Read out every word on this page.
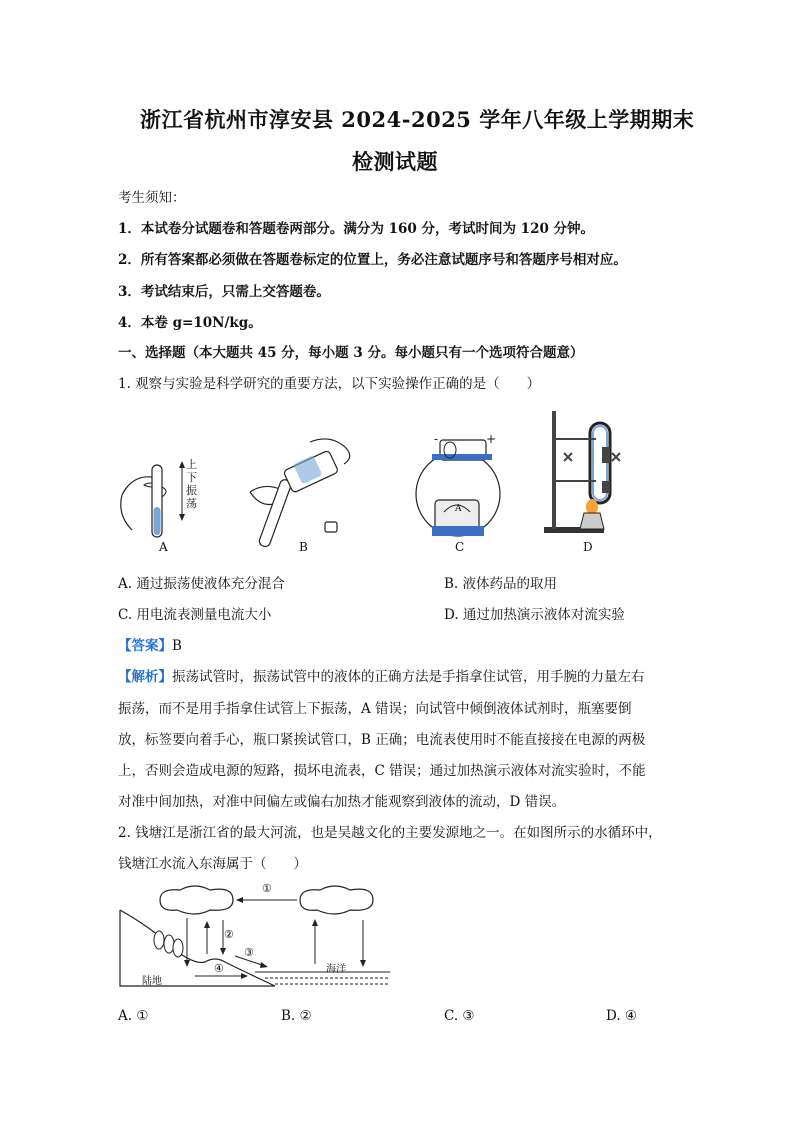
浙江省杭州市淳安县 2024-2025 学年八年级上学期期末
检测试题
考生须知：
1．本试卷分试题卷和答题卷两部分。满分为 160 分，考试时间为 120 分钟。
2．所有答案都必须做在答题卷标定的位置上，务必注意试题序号和答题序号相对应。
3．考试结束后，只需上交答题卷。
4．本卷 g=10N/kg。
一、选择题（本大题共 45 分，每小题 3 分。每小题只有一个选项符合题意）
1. 观察与实验是科学研究的重要方法，以下实验操作正确的是（　　）
上
下
振
荡
A	B
-	+
A
C	D
A. 通过振荡使液体充分混合	B. 液体药品的取用
C. 用电流表测量电流大小	D. 通过加热演示液体对流实验
【答案】B
【解析】振荡试管时，振荡试管中的液体的正确方法是手指拿住试管，用手腕的力量左右
振荡，而不是用手指拿住试管上下振荡，A 错误；向试管中倾倒液体试剂时，瓶塞要倒
放，标签要向着手心，瓶口紧挨试管口，B 正确；电流表使用时不能直接接在电源的两极
上，否则会造成电源的短路，损坏电流表，C 错误；通过加热演示液体对流实验时，不能
对准中间加热，对准中间偏左或偏右加热才能观察到液体的流动，D 错误。
2. 钱塘江是浙江省的最大河流，也是吴越文化的主要发源地之一。在如图所示的水循环中，
钱塘江水流入东海属于（　　）
①
②
③
④
陆地
海洋
A. ①	B. ②	C. ③	D. ④
